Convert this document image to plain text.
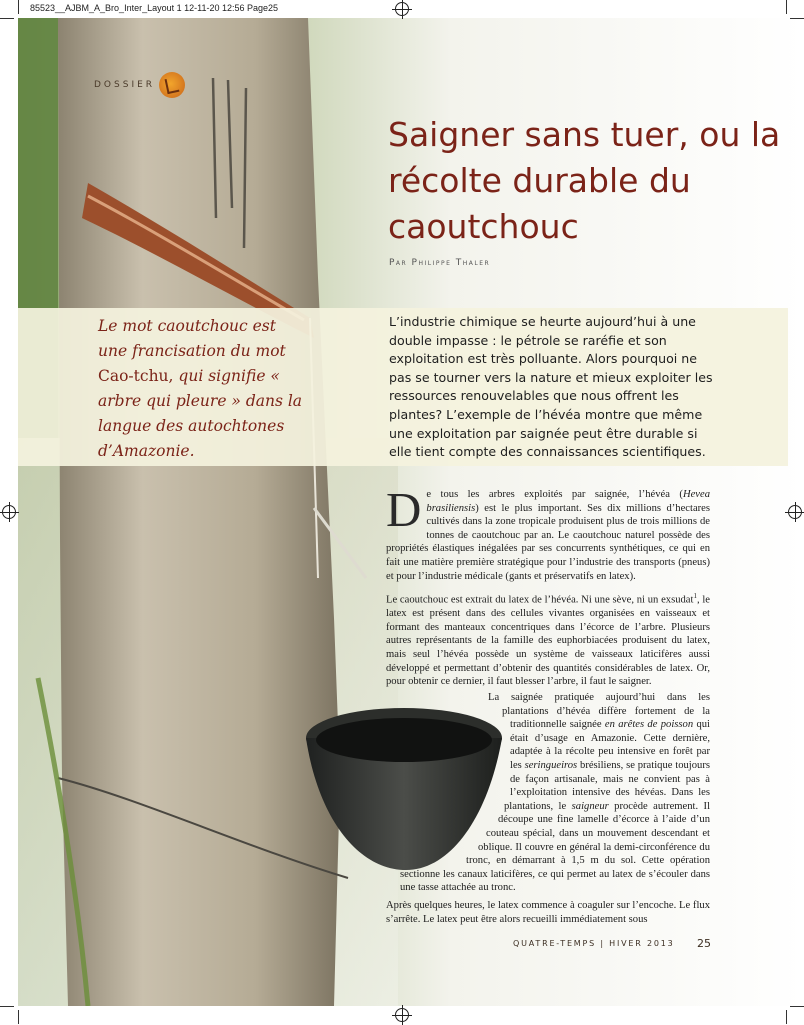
85523__AJBM_A_Bro_Inter_Layout 1 12-11-20 12:56 Page25
DOSSIER
Saigner sans tuer, ou la récolte durable du caoutchouc
Par Philippe Thaler

Le mot caoutchouc est une francisation du mot Cao-tchu, qui signifie « arbre qui pleure » dans la langue des autochtones d’Amazonie.

L’industrie chimique se heurte aujourd’hui à une double impasse : le pétrole se raréfie et son exploitation est très polluante. Alors pourquoi ne pas se tourner vers la nature et mieux exploiter les ressources renouvelables que nous offrent les plantes? L’exemple de l’hévéa montre que même une exploitation par saignée peut être durable si elle tient compte des connaissances scientifiques.

De tous les arbres exploités par saignée, l’hévéa (Hevea brasiliensis) est le plus important. Ses dix millions d’hectares cultivés dans la zone tropicale produisent plus de trois millions de tonnes de caoutchouc par an. Le caoutchouc naturel possède des propriétés élastiques inégalées par ses concurrents synthétiques, ce qui en fait une matière première stratégique pour l’industrie des transports (pneus) et pour l’industrie médicale (gants et préservatifs en latex).

Le caoutchouc est extrait du latex de l’hévéa. Ni une sève, ni un exsudat$^1$, le latex est présent dans des cellules vivantes organisées en vaisseaux et formant des manteaux concentriques dans l’écorce de l’arbre. Plusieurs autres représentants de la famille des euphorbiacées produisent du latex, mais seul l’hévéa possède un système de vaisseaux laticifères aussi développé et permettant d’obtenir des quantités considérables de latex. Or, pour obtenir ce dernier, il faut blesser l’arbre, il faut le saigner.

La saignée pratiquée aujourd’hui dans les plantations d’hévéa diffère fortement de la traditionnelle saignée en arêtes de poisson qui était d’usage en Amazonie. Cette dernière, adaptée à la récolte peu intensive en forêt par les seringueiros brésiliens, se pratique toujours de façon artisanale, mais ne convient pas à l’exploitation intensive des hévéas. Dans les plantations, le saigneur procède autrement. Il découpe une fine lamelle d’écorce à l’aide d’un couteau spécial, dans un mouvement descendant et oblique. Il couvre en général la demi-circonférence du tronc, en démarrant à 1,5 m du sol. Cette opération sectionne les canaux laticifères, ce qui permet au latex de s’écouler dans une tasse attachée au tronc.

Après quelques heures, le latex commence à coaguler sur l’encoche. Le flux s’arrête. Le latex peut être alors recueilli immédiatement sous

QUATRE-TEMPS | HIVER 2013 25
